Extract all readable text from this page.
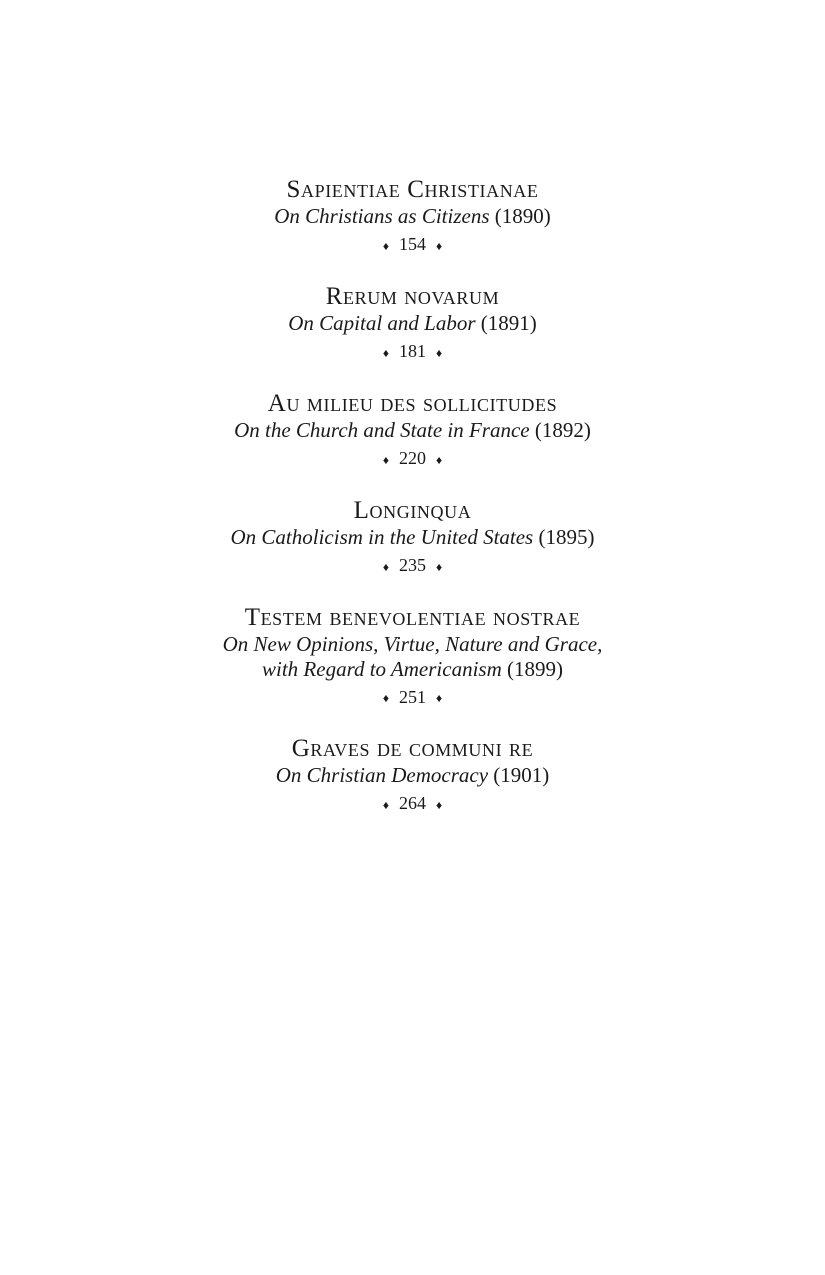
Sapientiae Christianae

On Christians as Citizens (1890)

♦ 154 ♦

Rerum novarum

On Capital and Labor (1891)

♦ 181 ♦

Au milieu des sollicitudes

On the Church and State in France (1892)

♦ 220 ♦

Longinqua

On Catholicism in the United States (1895)

♦ 235 ♦

Testem benevolentiae nostrae

On New Opinions, Virtue, Nature and Grace,

with Regard to Americanism (1899)

♦ 251 ♦

Graves de communi re

On Christian Democracy (1901)

♦ 264 ♦
